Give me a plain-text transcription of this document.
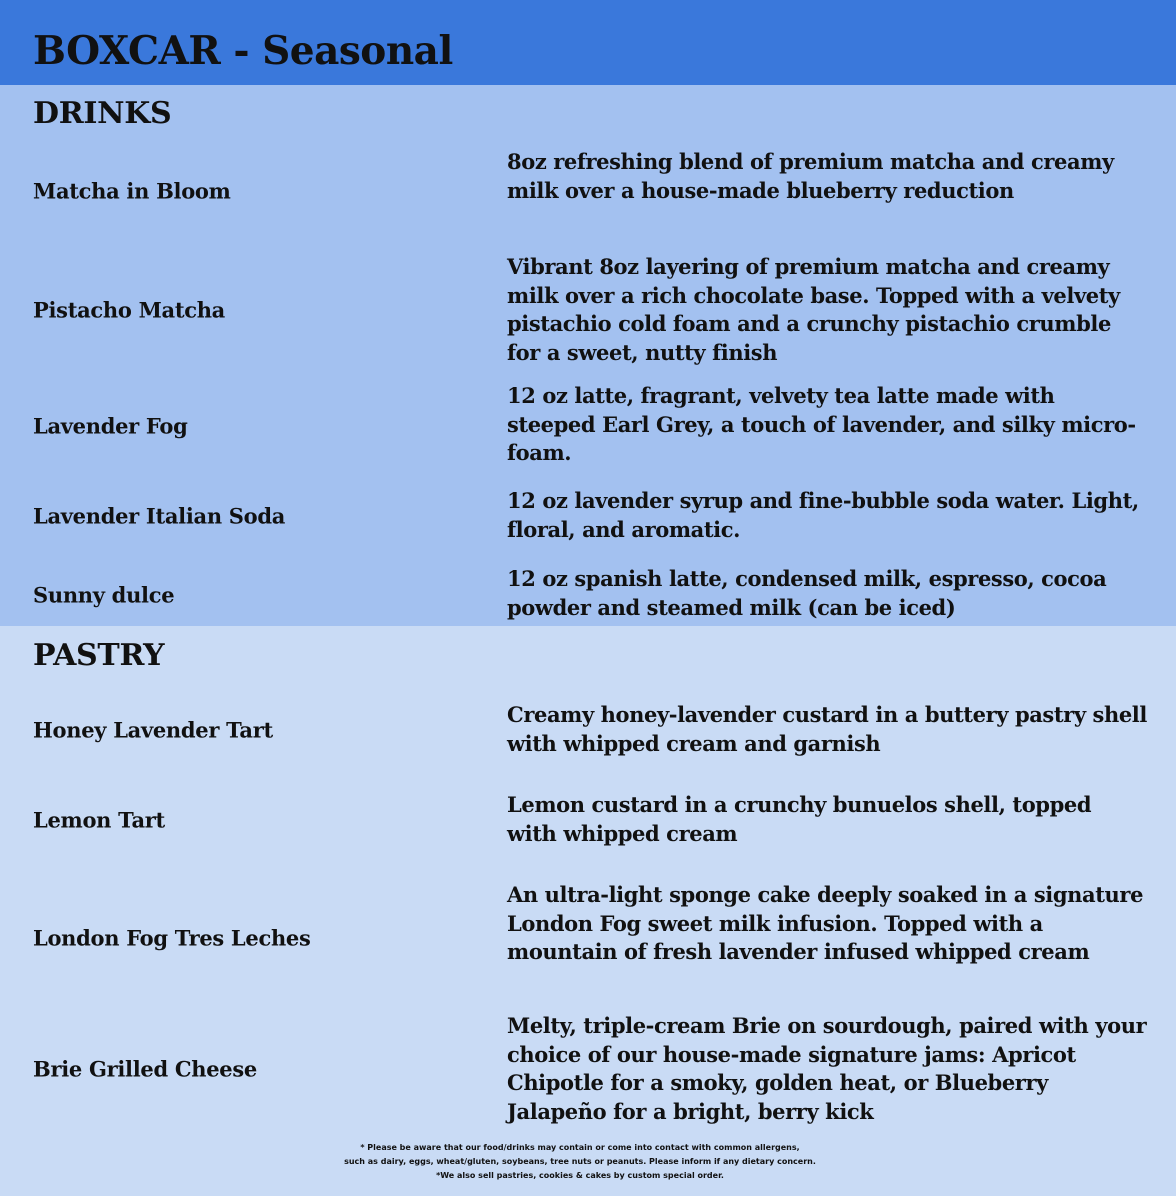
BOXCAR - Seasonal
DRINKS
Matcha in Bloom
8oz refreshing blend of premium matcha and creamy milk over a house-made blueberry reduction
Pistacho Matcha
Vibrant 8oz layering of premium matcha and creamy milk over a rich chocolate base. Topped with a velvety pistachio cold foam and a crunchy pistachio crumble for a sweet, nutty finish
Lavender Fog
12 oz latte, fragrant, velvety tea latte made with steeped Earl Grey, a touch of lavender, and silky micro-foam.
Lavender Italian Soda
12 oz lavender syrup and fine-bubble soda water. Light, floral, and aromatic.
Sunny dulce
12 oz spanish latte, condensed milk, espresso, cocoa powder and steamed milk (can be iced)
PASTRY
Honey Lavender Tart
Creamy honey-lavender custard in a buttery pastry shell with whipped cream and garnish
Lemon Tart
Lemon custard in a crunchy bunuelos shell, topped with whipped cream
London Fog Tres Leches
An ultra-light sponge cake deeply soaked in a signature London Fog sweet milk infusion. Topped with a mountain of fresh lavender infused whipped cream
Brie Grilled Cheese
Melty, triple-cream Brie on sourdough, paired with your choice of our house-made signature jams: Apricot Chipotle for a smoky, golden heat, or Blueberry Jalapeño for a bright, berry kick
* Please be aware that our food/drinks may contain or come into contact with common allergens,
such as dairy, eggs, wheat/gluten, soybeans, tree nuts or peanuts. Please inform if any dietary concern.
*We also sell pastries, cookies & cakes by custom special order.
